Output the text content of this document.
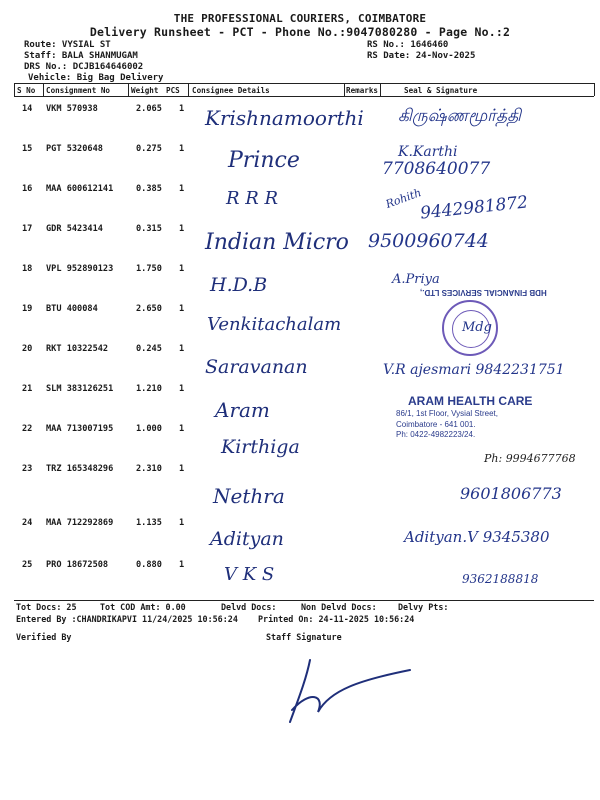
THE PROFESSIONAL COURIERS, COIMBATORE
Delivery Runsheet - PCT - Phone No.:9047080280 - Page No.:2
Route: VYSIAL ST
Staff: BALA SHANMUGAM
DRS No.: DCJB164646002
Vehicle: Big Bag Delivery
RS No.: 1646460
RS Date: 24-Nov-2025
S No Consignment No	Weight PCS Consignee Details	Remarks	Seal & Signature
14 VKM 570938	2.065 1 Krishnamoorthi கிருஷ்ணமூர்த்தி
15 PGT 5320648	0.275 1 Prince	K.Karthi
7708640077
16 MAA 600612141	0.385 1 R R R	Rohith
9442981872
17 GDR 5423414	0.315 1
Indian Micro 9500960744
18 VPL 952890123	1.750 1
H.D.B	A.Priya
HDB FINANCIAL SERVICES LTD.,
19 BTU 400084	2.650 1
Venkitachalam	Mdg
20 RKT 10322542	0.245 1
Saravanan	V.R ajesmari 9842231751
21 SLM 383126251	1.210 1
Aram	ARAM HEALTH CARE
86/1, 1st Floor, Vysial Street,
22 MAA 713007195	1.000 1	Coimbatore - 641 001.
Ph: 0422-4982223/24.
Kirthiga
Ph: 9994677768
23 TRZ 165348296	2.310 1
Nethra	9601806773
24 MAA 712292869	1.135 1
Adityan	Adityan.V 9345380
25 PRO 18672508	0.880 1 V K S	9362188818
Tot Docs: 25	Tot COD Amt: 0.00	Delvd Docs:	Non Delvd Docs:	Delvy Pts:
Entered By :CHANDRIKAPVI 11/24/2025 10:56:24 Printed On: 24-11-2025 10:56:24
Verified By	Staff Signature
